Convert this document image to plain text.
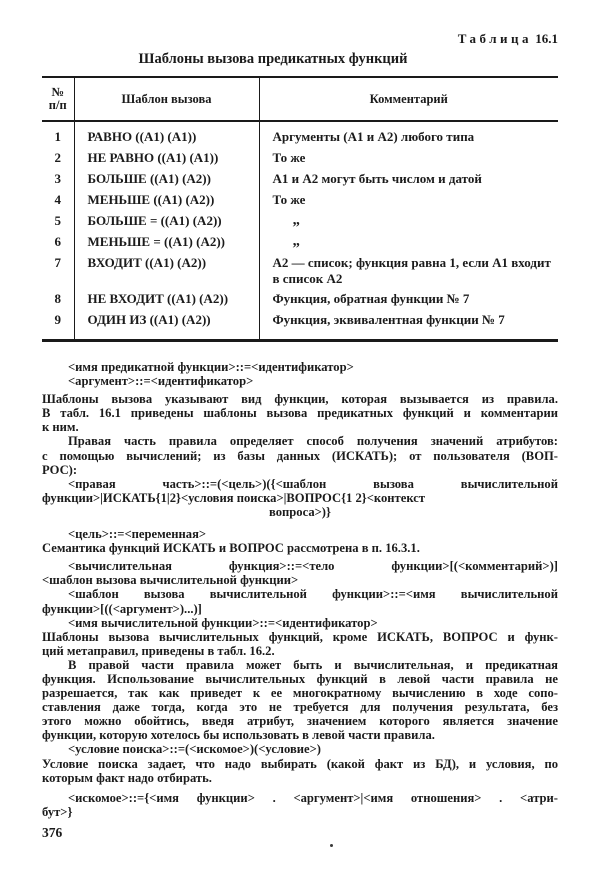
Таблица 16.1
Шаблоны вызова предикатных функций
№
п/п	Шаблон вызова	Комментарий
1	РАВНО ((А1) (А1))	Аргументы (А1 и А2) любого типа
2	НЕ РАВНО ((А1) (А1))	То же
3	БОЛЬШЕ ((А1) (А2))	А1 и А2 могут быть числом и датой
4	МЕНЬШЕ ((А1) (А2))	То же
5	БОЛЬШЕ = ((А1) (А2))	„
6	МЕНЬШЕ = ((А1) (А2))	„
7	ВХОДИТ ((А1) (А2))	А2 — список; функция равна 1, если А1 входит в список А2
8	НЕ ВХОДИТ ((А1) (А2))	Функция, обратная функции № 7
9	ОДИН ИЗ ((А1) (А2))	Функция, эквивалентная функции № 7
<имя предикатной функции>::=<идентификатор>
<аргумент>::=<идентификатор>
Шаблоны вызова указывают вид функции, которая вызывается из правила.
В табл. 16.1 приведены шаблоны вызова предикатных функций и комментарии
к ним.
Правая часть правила определяет способ получения значений атрибутов:
с помощью вычислений; из базы данных (ИСКАТЬ); от пользователя (ВОП-
РОС):
<правая часть>::=(<цель>)({<шаблон вызова вычислительной
функции>|ИСКАТЬ{1|2}<условия поиска>|ВОПРОС{1 2}<контекст
вопроса>)}
<цель>::=<переменная>
Семантика функций ИСКАТЬ и ВОПРОС рассмотрена в п. 16.3.1.
<вычислительная функция>::=<тело функции>[(<комментарий>)]
<шаблон вызова вычислительной функции>
<шаблон вызова вычислительной функции>::=<имя вычислительной
функции>[((<аргумент>)...)]
<имя вычислительной функции>::=<идентификатор>
Шаблоны вызова вычислительных функций, кроме ИСКАТЬ, ВОПРОС и функ-
ций метаправил, приведены в табл. 16.2.
В правой части правила может быть и вычислительная, и предикатная
функция. Использование вычислительных функций в левой части правила не
разрешается, так как приведет к ее многократному вычислению в ходе сопо-
ставления даже тогда, когда это не требуется для получения результата, без
этого можно обойтись, введя атрибут, значением которого является значение
функции, которую хотелось бы использовать в левой части правила.
<условие поиска>::=(<искомое>)(<условие>)
Условие поиска задает, что надо выбирать (какой факт из БД), и условия, по
которым факт надо отбирать.
<искомое>::={<имя функции> . <аргумент>|<имя отношения> . <атри-
бут>}
376
